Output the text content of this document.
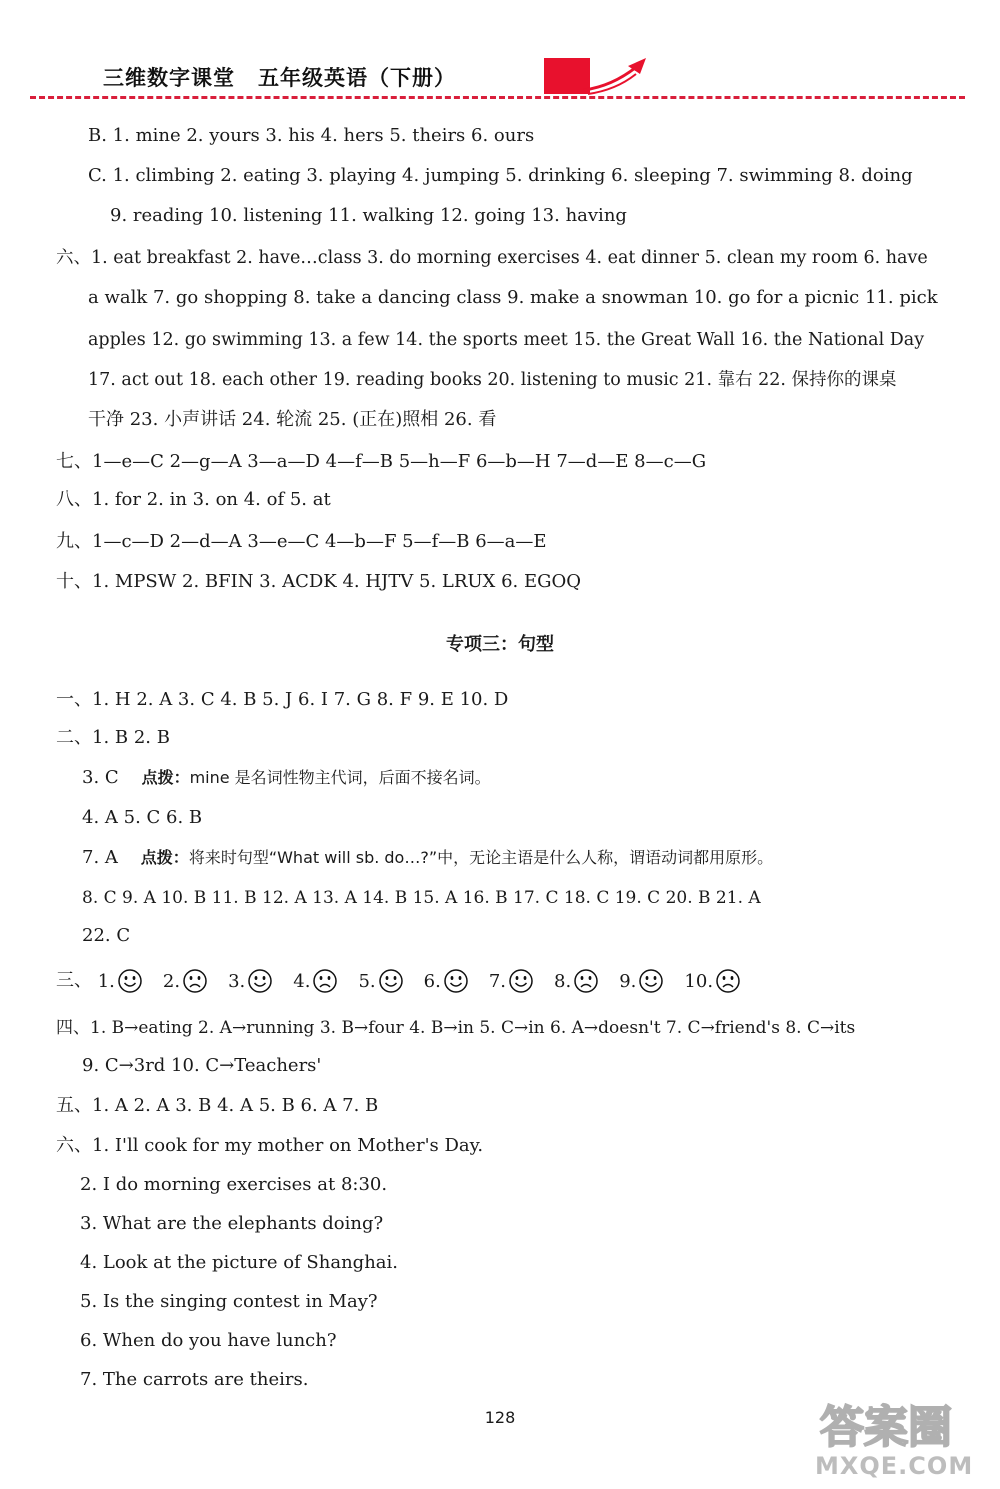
三维数字课堂 五年级英语（下册）
B. 1. mine 2. yours 3. his 4. hers 5. theirs 6. ours
C. 1. climbing 2. eating 3. playing 4. jumping 5. drinking 6. sleeping 7. swimming 8. doing
9. reading 10. listening 11. walking 12. going 13. having
六、1. eat breakfast 2. have…class 3. do morning exercises 4. eat dinner 5. clean my room 6. have
a walk 7. go shopping 8. take a dancing class 9. make a snowman 10. go for a picnic 11. pick
apples 12. go swimming 13. a few 14. the sports meet 15. the Great Wall 16. the National Day
17. act out 18. each other 19. reading books 20. listening to music 21. 靠右 22. 保持你的课桌
干净 23. 小声讲话 24. 轮流 25. (正在)照相 26. 看
七、1—e—C 2—g—A 3—a—D 4—f—B 5—h—F 6—b—H 7—d—E 8—c—G
八、1. for 2. in 3. on 4. of 5. at
九、1—c—D 2—d—A 3—e—C 4—b—F 5—f—B 6—a—E
十、1. MPSW 2. BFIN 3. ACDK 4. HJTV 5. LRUX 6. EGOQ
专项三：句型
一、1. H 2. A 3. C 4. B 5. J 6. I 7. G 8. F 9. E 10. D
二、1. B 2. B
3. C 点拨：mine 是名词性物主代词，后面不接名词。
4. A 5. C 6. B
7. A 点拨：将来时句型“What will sb. do…?”中，无论主语是什么人称，谓语动词都用原形。
8. C 9. A 10. B 11. B 12. A 13. A 14. B 15. A 16. B 17. C 18. C 19. C 20. B 21. A
22. C
三、 1.	2.	3.	4.	5.	6.	7.	8.	9.	10.
四、1. B→eating 2. A→running 3. B→four 4. B→in 5. C→in 6. A→doesn't 7. C→friend's 8. C→its
9. C→3rd 10. C→Teachers'
五、1. A 2. A 3. B 4. A 5. B 6. A 7. B
六、1. I'll cook for my mother on Mother's Day.
2. I do morning exercises at 8:30.
3. What are the elephants doing?
4. Look at the picture of Shanghai.
5. Is the singing contest in May?
6. When do you have lunch?
7. The carrots are theirs.
128	答案圈
MXQE.COM
